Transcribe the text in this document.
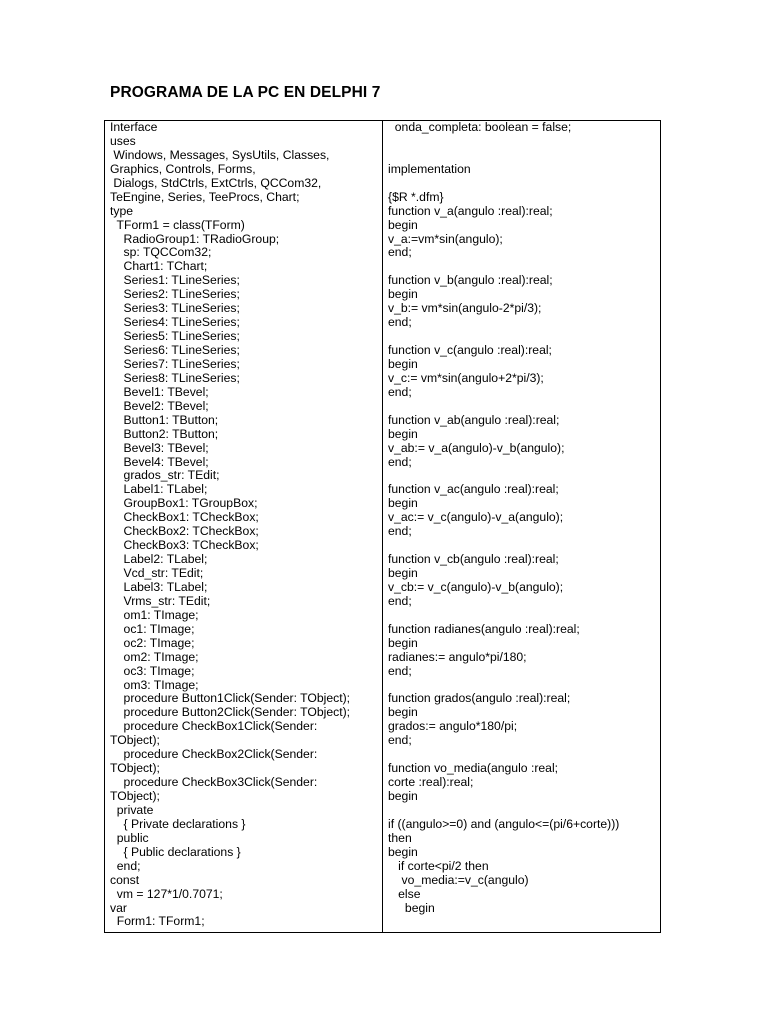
PROGRAMA DE LA PC EN DELPHI 7
Interface
uses
Windows, Messages, SysUtils, Classes,
Graphics, Controls, Forms,
Dialogs, StdCtrls, ExtCtrls, QCCom32,
TeEngine, Series, TeeProcs, Chart;
type
TForm1 = class(TForm)
RadioGroup1: TRadioGroup;
sp: TQCCom32;
Chart1: TChart;
Series1: TLineSeries;
Series2: TLineSeries;
Series3: TLineSeries;
Series4: TLineSeries;
Series5: TLineSeries;
Series6: TLineSeries;
Series7: TLineSeries;
Series8: TLineSeries;
Bevel1: TBevel;
Bevel2: TBevel;
Button1: TButton;
Button2: TButton;
Bevel3: TBevel;
Bevel4: TBevel;
grados_str: TEdit;
Label1: TLabel;
GroupBox1: TGroupBox;
CheckBox1: TCheckBox;
CheckBox2: TCheckBox;
CheckBox3: TCheckBox;
Label2: TLabel;
Vcd_str: TEdit;
Label3: TLabel;
Vrms_str: TEdit;
om1: TImage;
oc1: TImage;
oc2: TImage;
om2: TImage;
oc3: TImage;
om3: TImage;
procedure Button1Click(Sender: TObject);
procedure Button2Click(Sender: TObject);
procedure CheckBox1Click(Sender:
TObject);
procedure CheckBox2Click(Sender:
TObject);
procedure CheckBox3Click(Sender:
TObject);
private
{ Private declarations }
public
{ Public declarations }
end;
const
vm = 127*1/0.7071;
var
Form1: TForm1;
onda_completa: boolean = false;
implementation
{$R *.dfm}
function v_a(angulo :real):real;
begin
v_a:=vm*sin(angulo);
end;
function v_b(angulo :real):real;
begin
v_b:= vm*sin(angulo-2*pi/3);
end;
function v_c(angulo :real):real;
begin
v_c:= vm*sin(angulo+2*pi/3);
end;
function v_ab(angulo :real):real;
begin
v_ab:= v_a(angulo)-v_b(angulo);
end;
function v_ac(angulo :real):real;
begin
v_ac:= v_c(angulo)-v_a(angulo);
end;
function v_cb(angulo :real):real;
begin
v_cb:= v_c(angulo)-v_b(angulo);
end;
function radianes(angulo :real):real;
begin
radianes:= angulo*pi/180;
end;
function grados(angulo :real):real;
begin
grados:= angulo*180/pi;
end;
function vo_media(angulo :real;
corte :real):real;
begin
if ((angulo>=0) and (angulo<=(pi/6+corte)))
then
begin
if corte<pi/2 then
vo_media:=v_c(angulo)
else
begin
